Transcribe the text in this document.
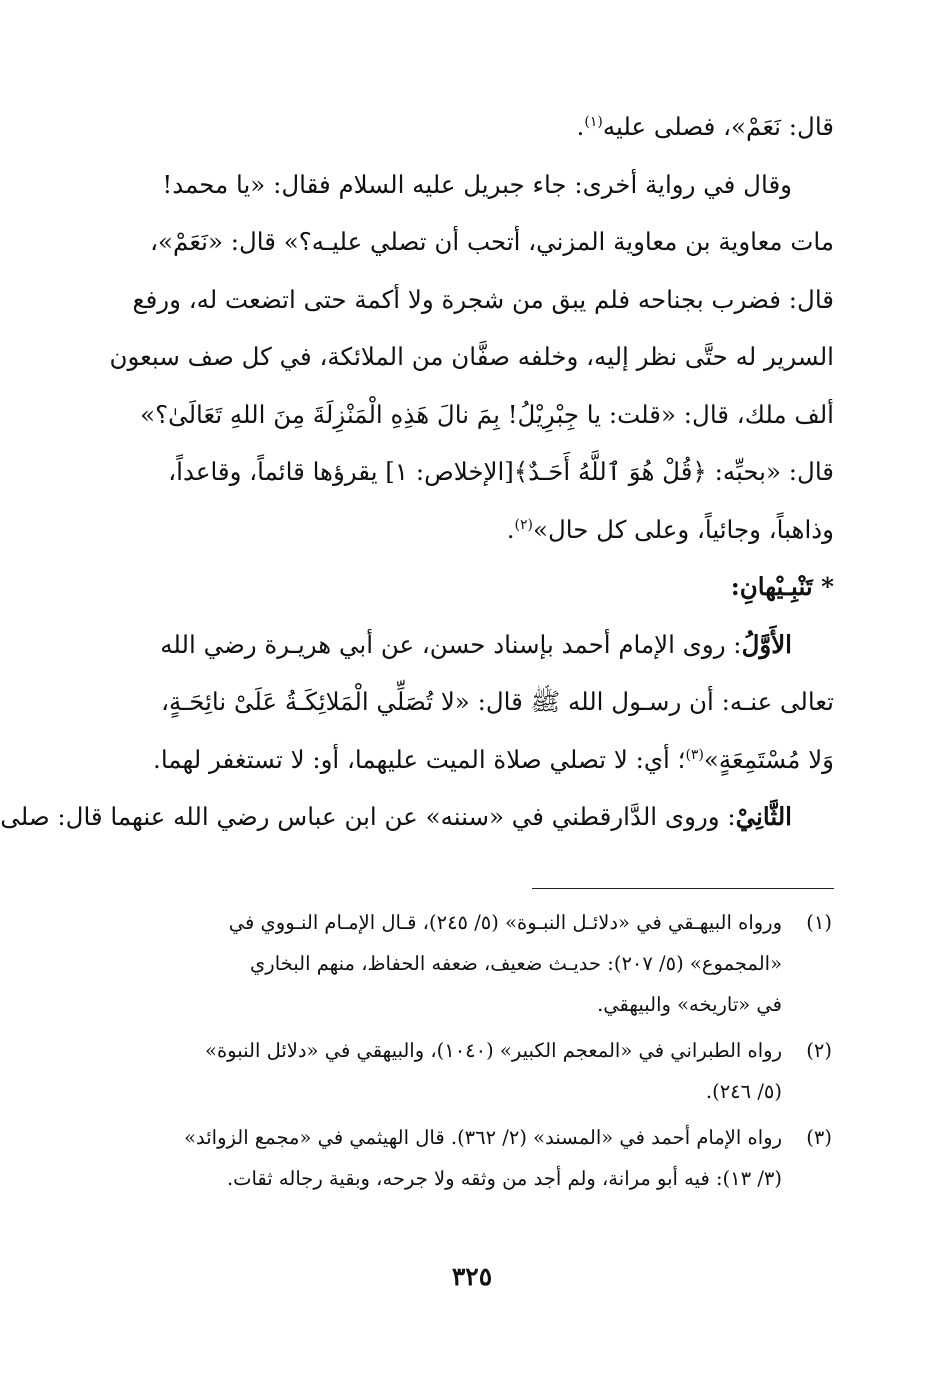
قال: نَعَمْ»، فصلى عليه$^{(١)}$.
وقال في رواية أخرى: جاء جبريل عليه السلام فقال: «يا محمد!
مات معاوية بن معاوية المزني، أتحب أن تصلي عليـه؟» قال: «نَعَمْ»،
قال: فضرب بجناحه فلم يبق من شجرة ولا أكمة حتى اتضعت له، ورفع
السرير له حتَّى نظر إليه، وخلفه صفَّان من الملائكة، في كل صف سبعون
ألف ملك، قال: «قلت: يا جِبْرِيْلُ! بِمَ نالَ هَذِهِ الْمَنْزِلَةَ مِنَ اللهِ تَعَالَىٰ؟»
قال: «بحبِّه: ﴿قُلْ هُوَ ٱللَّهُ أَحَـدٌ﴾[الإخلاص: ١] يقرؤها قائماً، وقاعداً،
وذاهباً، وجائياً، وعلى كل حال»$^{(٢)}$.
* تَنْبِـيْهانِ:
الأَوَّلُ: روى الإمام أحمد بإسناد حسن، عن أبي هريـرة رضي الله
تعالى عنـه: أن رسـول الله ﷺ قال: «لا تُصَلِّي الْمَلائِكَـةُ عَلَىْ نائِحَـةٍ،
وَلا مُسْتَمِعَةٍ»$^{(٣)}$؛ أي: لا تصلي صلاة الميت عليهما، أو: لا تستغفر لهما.
الثَّانِيْ: وروى الدَّارقطني في «سننه» عن ابن عباس رضي الله عنهما قال: صلى
(١)
ورواه البيهـقي في «دلائـل النبـوة» (٥/ ٢٤٥)، قـال الإمـام النـووي في
«المجموع» (٥/ ٢٠٧): حديـث ضعيف، ضعفه الحفاظ، منهم البخاري
في «تاريخه» والبيهقي.
(٢)
رواه الطبراني في «المعجم الكبير» (١٠٤٠)، والبيهقي في «دلائل النبوة»
(٥/ ٢٤٦).
(٣)
رواه الإمام أحمد في «المسند» (٢/ ٣٦٢). قال الهيثمي في «مجمع الزوائد»
(٣/ ١٣): فيه أبو مرانة، ولم أجد من وثقه ولا جرحه، وبقية رجاله ثقات.
٣٢٥
